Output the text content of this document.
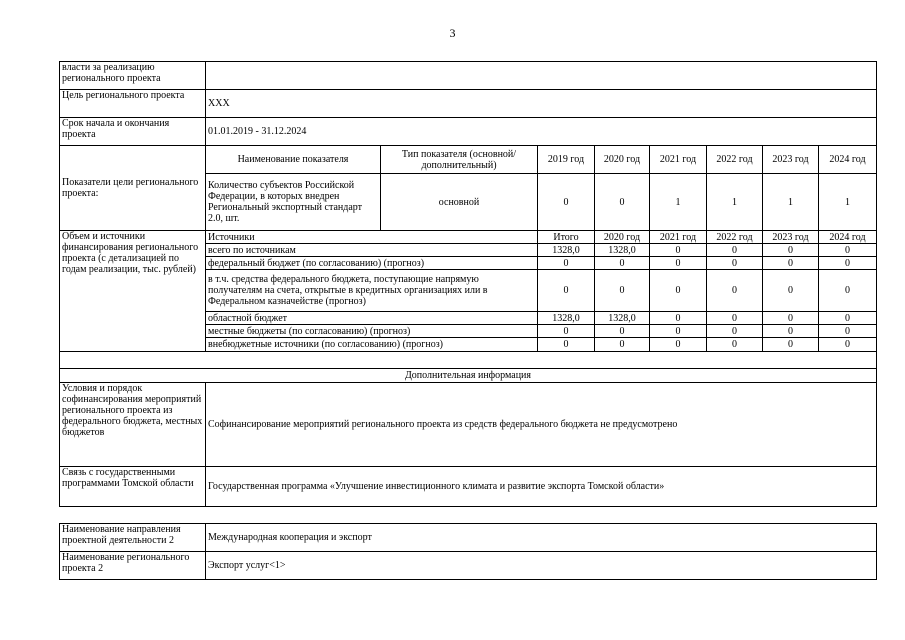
3
власти за реализацию регионального проекта								
Цель регионального проекта	ХХХ							
Срок начала и окончания проекта	01.01.2019 - 31.12.2024							
Показатели цели регионального проекта:	Наименование показателя	Тип показателя (основной/дополнительный)	2019 год	2020 год	2021 год	2022 год	2023 год	2024 год
	Количество субъектов Российской Федерации, в которых внедрен Региональный экспортный стандарт 2.0, шт.	основной	0	0	1	1	1	1
Объем и источники финансирования регионального проекта (с детализацией по годам реализации, тыс. рублей)	Источники		Итого	2020 год	2021 год	2022 год	2023 год	2024 год
	всего по источникам		1328,0	1328,0	0	0	0	0
	федеральный бюджет (по согласованию) (прогноз)		0	0	0	0	0	0
	в т.ч. средства федерального бюджета, поступающие напрямую получателям на счета, открытые в кредитных организациях или в Федеральном казначействе (прогноз)		0	0	0	0	0	0
	областной бюджет		1328,0	1328,0	0	0	0	0
	местные бюджеты (по согласованию) (прогноз)		0	0	0	0	0	0
	внебюджетные источники (по согласованию) (прогноз)		0	0	0	0	0	0

Дополнительная информация								
Условия и порядок софинансирования мероприятий регионального проекта из федерального бюджета, местных бюджетов	Софинансирование мероприятий регионального проекта из средств федерального бюджета не предусмотрено							
Связь с государственными программами Томской области	Государственная программа «Улучшение инвестиционного климата и развитие экспорта Томской области»							
Наименование направления проектной деятельности 2	Международная кооперация и экспорт
Наименование регионального проекта 2	Экспорт услуг<1>
